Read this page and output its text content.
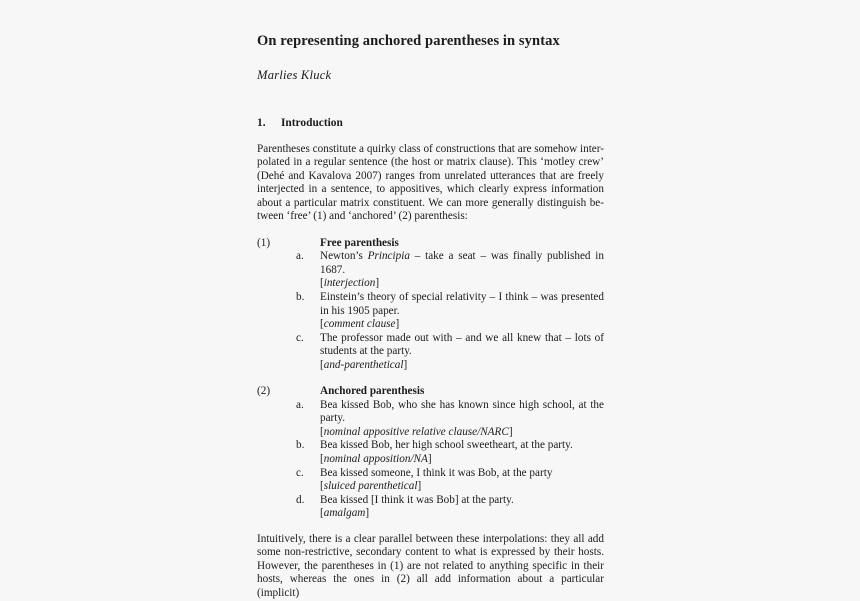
On representing anchored parentheses in syntax
Marlies Kluck
1. Introduction

Parentheses constitute a quirky class of constructions that are somehow inter-polated in a regular sentence (the host or matrix clause). This ‘motley crew’ (Dehé and Kavalova 2007) ranges from unrelated utterances that are freely interjected in a sentence, to appositives, which clearly express information about a particular matrix constituent. We can more generally distinguish be-tween ‘free’ (1) and ‘anchored’ (2) parenthesis:

(1)	Free parenthesis
a.	Newton’s Principia – take a seat – was finally published in 1687.
[interjection]
b.	Einstein’s theory of special relativity – I think – was presented in his 1905 paper.
[comment clause]
c.	The professor made out with – and we all knew that – lots of students at the party.
[and-parenthetical]
(2)	Anchored parenthesis
a.	Bea kissed Bob, who she has known since high school, at the party.
[nominal appositive relative clause/NARC]
b.	Bea kissed Bob, her high school sweetheart, at the party.
[nominal apposition/NA]
c.	Bea kissed someone, I think it was Bob, at the party
[sluiced parenthetical]
d.	Bea kissed [I think it was Bob] at the party.
[amalgam]

Intuitively, there is a clear parallel between these interpolations: they all add some non-restrictive, secondary content to what is expressed by their hosts. However, the parentheses in (1) are not related to anything specific in their hosts, whereas the ones in (2) all add information about a particular (implicit)
